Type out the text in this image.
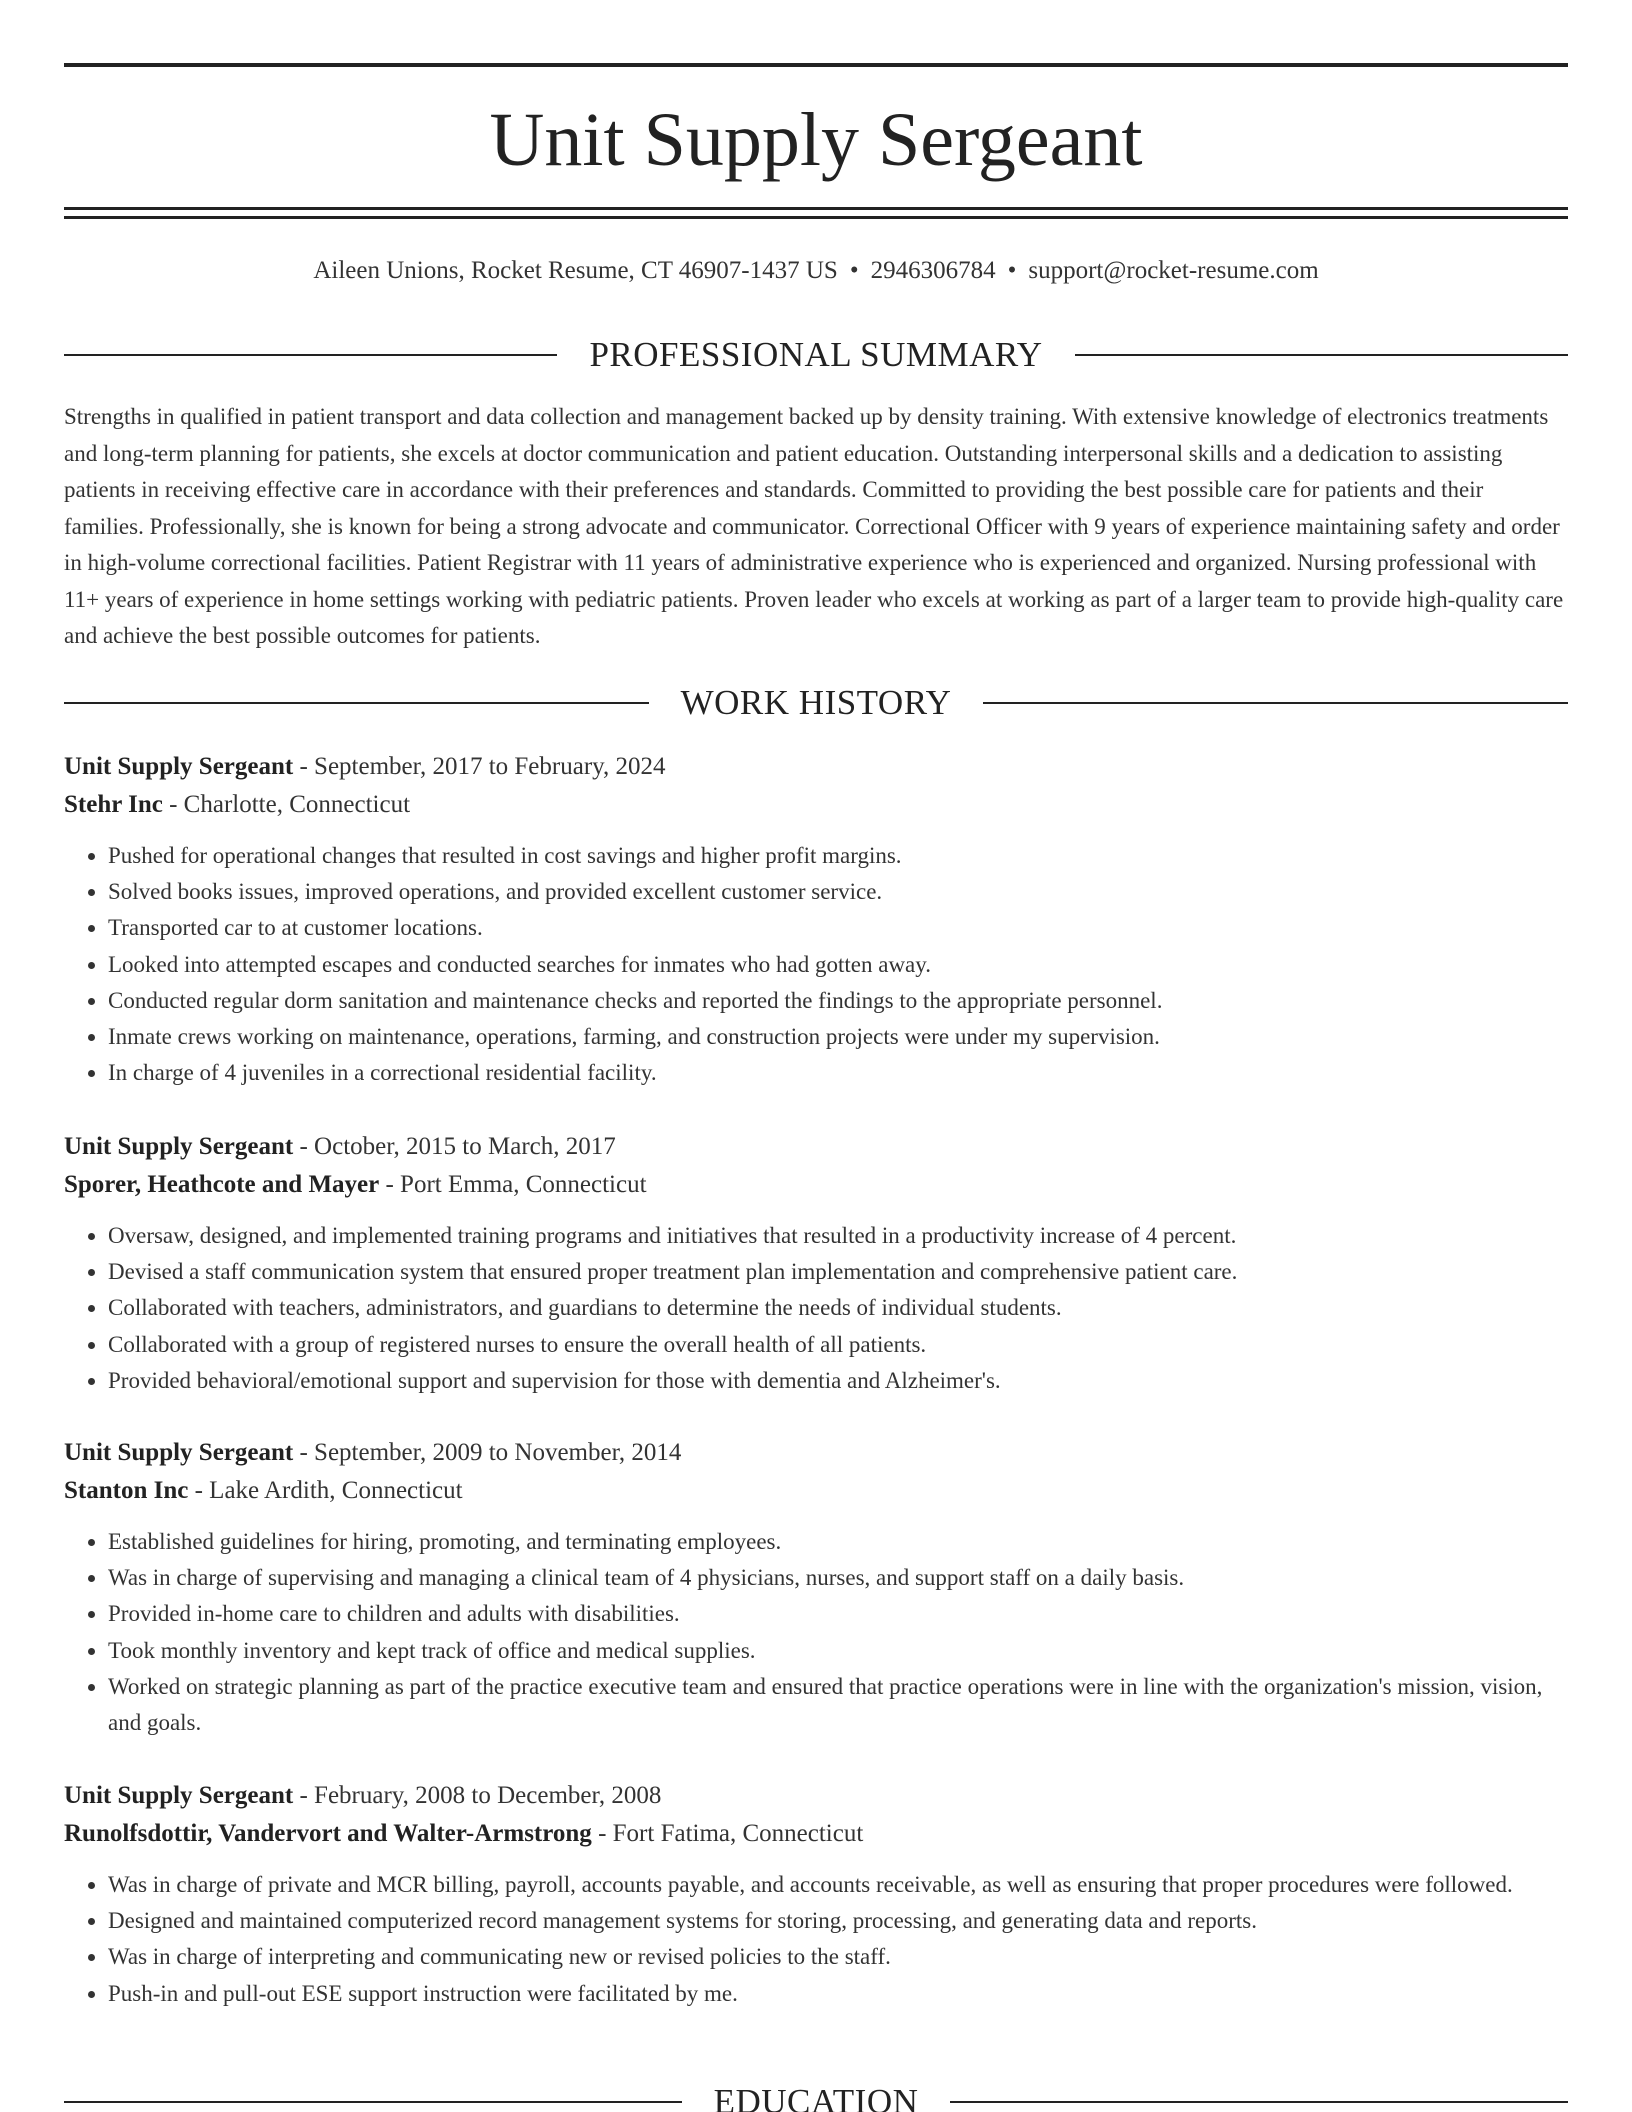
Unit Supply Sergeant
Aileen Unions, Rocket Resume, CT 46907-1437 US • 2946306784 • support@rocket-resume.com
PROFESSIONAL SUMMARY

Strengths in qualified in patient transport and data collection and management backed up by density training. With extensive knowledge of electronics treatments and long-term planning for patients, she excels at doctor communication and patient education. Outstanding interpersonal skills and a dedication to assisting patients in receiving effective care in accordance with their preferences and standards. Committed to providing the best possible care for patients and their families. Professionally, she is known for being a strong advocate and communicator. Correctional Officer with 9 years of experience maintaining safety and order in high-volume correctional facilities. Patient Registrar with 11 years of administrative experience who is experienced and organized. Nursing professional with 11+ years of experience in home settings working with pediatric patients. Proven leader who excels at working as part of a larger team to provide high-quality care and achieve the best possible outcomes for patients.

WORK HISTORY

Unit Supply Sergeant - September, 2017 to February, 2024

Stehr Inc - Charlotte, Connecticut

• Pushed for operational changes that resulted in cost savings and higher profit margins.
• Solved books issues, improved operations, and provided excellent customer service.
• Transported car to at customer locations.
• Looked into attempted escapes and conducted searches for inmates who had gotten away.
• Conducted regular dorm sanitation and maintenance checks and reported the findings to the appropriate personnel.
• Inmate crews working on maintenance, operations, farming, and construction projects were under my supervision.
• In charge of 4 juveniles in a correctional residential facility.

Unit Supply Sergeant - October, 2015 to March, 2017

Sporer, Heathcote and Mayer - Port Emma, Connecticut

• Oversaw, designed, and implemented training programs and initiatives that resulted in a productivity increase of 4 percent.
• Devised a staff communication system that ensured proper treatment plan implementation and comprehensive patient care.
• Collaborated with teachers, administrators, and guardians to determine the needs of individual students.
• Collaborated with a group of registered nurses to ensure the overall health of all patients.
• Provided behavioral/emotional support and supervision for those with dementia and Alzheimer's.

Unit Supply Sergeant - September, 2009 to November, 2014

Stanton Inc - Lake Ardith, Connecticut

• Established guidelines for hiring, promoting, and terminating employees.
• Was in charge of supervising and managing a clinical team of 4 physicians, nurses, and support staff on a daily basis.
• Provided in-home care to children and adults with disabilities.
• Took monthly inventory and kept track of office and medical supplies.
• Worked on strategic planning as part of the practice executive team and ensured that practice operations were in line with the organization's mission, vision, and goals.

Unit Supply Sergeant - February, 2008 to December, 2008

Runolfsdottir, Vandervort and Walter-Armstrong - Fort Fatima, Connecticut

• Was in charge of private and MCR billing, payroll, accounts payable, and accounts receivable, as well as ensuring that proper procedures were followed.
• Designed and maintained computerized record management systems for storing, processing, and generating data and reports.
• Was in charge of interpreting and communicating new or revised policies to the staff.
• Push-in and pull-out ESE support instruction were facilitated by me.
EDUCATION
